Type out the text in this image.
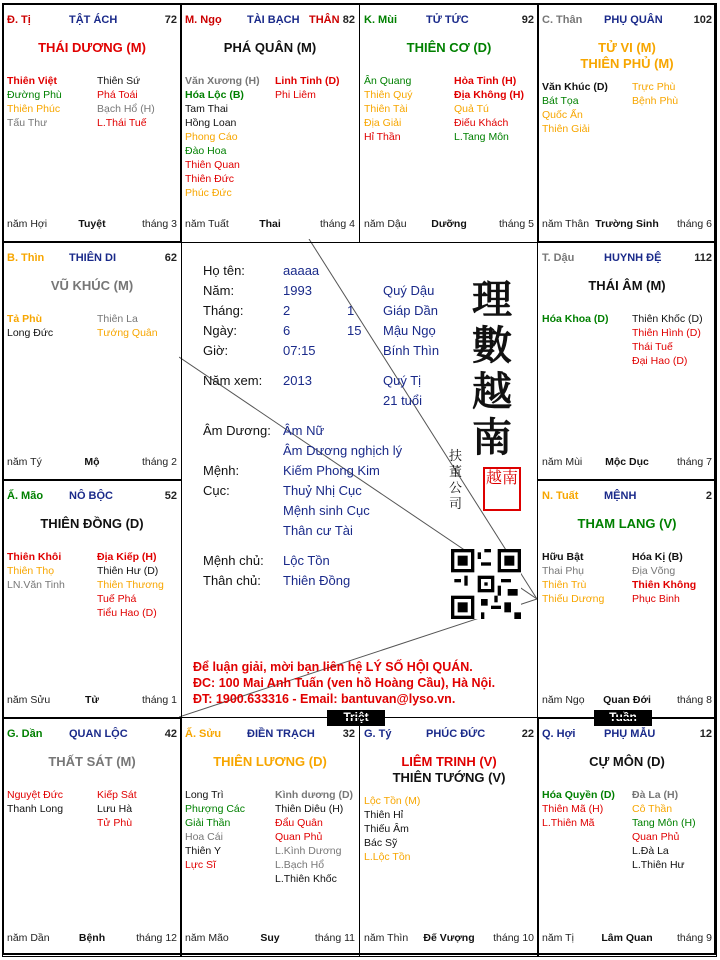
Họ tên:	aaaaa
Năm:	1993	Quý Dậu
Tháng:	2	1 Giáp Dần
Ngày:	6	15 Mậu Ngọ
Giờ:	07:15	Bính Thìn
Năm xem: 2013	Quý Tị
21 tuổi
Âm Dương: Âm Nữ
Âm Dương nghịch lý
Mệnh:	Kiếm Phong Kim
Cục:	Thuỷ Nhị Cục
Mệnh sinh Cục
Thân cư Tài
Mệnh chủ: Lộc Tồn
Thân chủ: Thiên Đồng
理數越南
扶董公司
越南
Để luận giải, mời bạn liên hệ LÝ SỐ HỘI QUÁN.
ĐC: 100 Mai Anh Tuấn (ven hồ Hoàng Cầu), Hà Nội.
ĐT: 1900.633316 - Email: bantuvan@lyso.vn.
Triệt	Tuần
Đ. Tị	TẬT ÁCH	72
THÁI DƯƠNG (M)
Thiên Việt
Đường Phù
Thiên Phúc
Tấu Thư
Thiên Sứ
Phá Toái
Bạch Hổ (H)
L.Thái Tuế
năm Hợi	Tuyệt	tháng 3
M. Ngọ TÀI BẠCH THÂN 82
PHÁ QUÂN (M)
Văn Xương (H)
Hóa Lộc (B)
Tam Thai
Hồng Loan
Phong Cáo
Đào Hoa
Thiên Quan
Thiên Đức
Phúc Đức
Linh Tinh (D)
Phi Liêm
năm Tuất	Thai	tháng 4
K. Mùi	TỬ TỨC	92
THIÊN CƠ (D)
Ân Quang
Thiên Quý
Thiên Tài
Địa Giải
Hỉ Thần
Hỏa Tinh (H)
Địa Không (H)
Quả Tú
Điếu Khách
L.Tang Môn
năm Dậu	Dưỡng	tháng 5
C. Thân PHỤ QUÂN	102
TỬ VI (M)
THIÊN PHỦ (M)
Văn Khúc (D)
Bát Tọa
Quốc Ấn
Thiên Giải
Trực Phù
Bệnh Phù
năm Thân Trường Sinh	tháng 6
B. Thìn THIÊN DI	62
VŨ KHÚC (M)
Tả Phù
Long Đức
Thiên La
Tướng Quân
năm Tý	Mộ	tháng 2
T. Dậu	HUYNH ĐỆ	112
THÁI ÂM (M)
Hóa Khoa (D)	Thiên Khốc (D)
Thiên Hình (D)
Thái Tuế
Đại Hao (D)
năm Mùi	Mộc Dục	tháng 7
Ấ. Mão NÔ BỘC	52
THIÊN ĐỒNG (D)
Thiên Khôi
Thiên Thọ
LN.Văn Tinh
Địa Kiếp (H)
Thiên Hư (D)
Thiên Thương
Tuế Phá
Tiểu Hao (D)
năm Sửu	Tử	tháng 1
N. Tuất MỆNH	2
THAM LANG (V)
Hữu Bật
Thai Phụ
Thiên Trù
Thiếu Dương
Hóa Kị (B)
Địa Võng
Thiên Không
Phục Binh
năm Ngọ	Quan Đới	tháng 8
G. Dần QUAN LỘC	42
THẤT SÁT (M)
Nguyệt Đức
Thanh Long
Kiếp Sát
Lưu Hà
Tử Phù
năm Dần	Bệnh	tháng 12
Ấ. Sửu ĐIỀN TRẠCH	32
THIÊN LƯƠNG (D)
Long Trì
Phượng Các
Giải Thần
Hoa Cái
Thiên Y
Lực Sĩ
Kình dương (D)
Thiên Diêu (H)
Đẩu Quân
Quan Phủ
L.Kình Dương
L.Bạch Hổ
L.Thiên Khốc
năm Mão	Suy	tháng 11
G. Tý	PHÚC ĐỨC	22
LIÊM TRINH (V)
THIÊN TƯỚNG (V)
Lộc Tồn (M)
Thiên Hỉ
Thiếu Âm
Bác Sỹ
L.Lộc Tồn
năm Thìn	Đế Vượng	tháng 10
Q. Hợi	PHỤ MẪU	12
CỰ MÔN (D)
Hóa Quyền (D)
Thiên Mã (H)
L.Thiên Mã
Đà La (H)
Cô Thần
Tang Môn (H)
Quan Phủ
L.Đà La
L.Thiên Hư
năm Tị	Lâm Quan	tháng 9
